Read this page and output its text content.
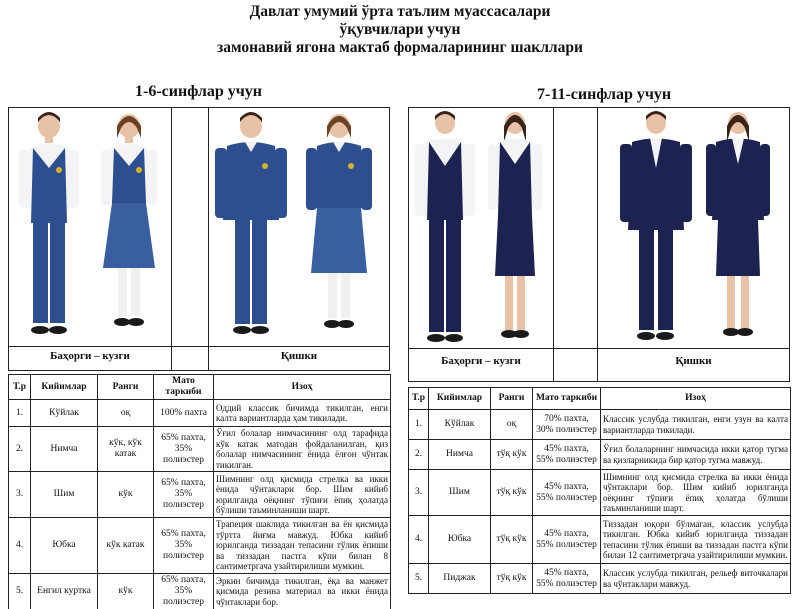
Давлат умумий ўрта таълим муассасалари
ўқувчилари учун
замонавий ягона мактаб формаларининг шакллари
1-6-синфлар учун
Баҳорги – кузги	Қишки
Т.р	Кийимлар	Ранги	Мато таркиби	Изоҳ
1.	Кўйлак	оқ	100% пахта	Оддий классик бичимда тикилган, енги калта вариантларда ҳам тикилади.
2.	Нимча	кўк, кўк катак	65% пахта, 35% полиэстер	Ўғил болалар нимчасининг олд тарафида кўк катак матодан фойдаланилган, қиз болалар нимчасининг ёнида ёлғон чўнтак тикилган.
3.	Шим	кўк	65% пахта, 35% полиэстер	Шимнинг олд қисмида стрелка ва икки ёнида чўнтаклари бор. Шим кийиб юрилганда оёқнинг тўпиғи ёпиқ ҳолатда бўлиши таъминланиши шарт.
4.	Юбка	кўк катак	65% пахта, 35% полиэстер	Трапеция шаклида тикилган ва ён қисмида тўртта йиғма мавжуд. Юбка кийиб юрилганда тиззадан тепасини тўлик ёпиши ва тиззадан пастга кўпи билан 8 сантиметргача узайтирилиши мумкин.
5.	Енгил куртка	кўк	65% пахта, 35% полиэстер	Эркин бичимда тикилган, ёқа ва манжет қисмида резина материал ва икки ёнида чўнтаклари бор.
7-11-синфлар учун
Баҳорги – кузги	Қишки
Т.р	Кийимлар	Ранги	Мато таркиби	Изоҳ
1.	Кўйлак	оқ	70% пахта, 30% полиэстер	Классик услубда тикилган, енги узун ва калта вариантларда тикилади.
2.	Нимча	тўқ кўк	45% пахта, 55% полиэстер	Ўғил болаларнинг нимчасида икки қатор тугма ва қизларникида бир қатор тугма мавжуд.
3.	Шим	тўқ кўк	45% пахта, 55% полиэстер	Шимнинг олд қисмида стрелка ва икки ёнида чўнтаклари бор. Шим кийиб юрилганда оёқнинг тўпиғи ёпиқ ҳолатда бўлиши таъминланиши шарт.
4.	Юбка	тўқ кўк	45% пахта, 55% полиэстер	Тиззадан юқори бўлмаган, классик услубда тикилган. Юбка кийиб юрилганда тиззадан тепасини тўлик ёпиши ва тиззадан пастга кўпи билан 12 сантиметргача узайтирилиши мумкин.
5.	Пиджак	тўқ кўк	45% пахта, 55% полиэстер	Классик услубда тикилган, рельеф виточкалари ва чўнтаклари мавжуд.
